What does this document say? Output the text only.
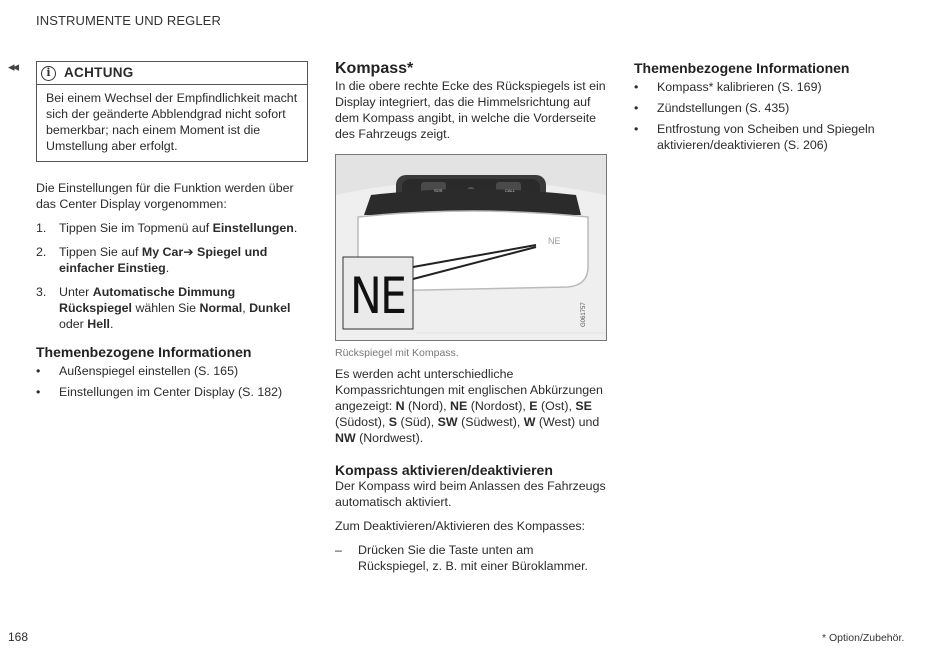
INSTRUMENTE UND REGLER
◂◂	i ACHTUNG
Bei einem Wechsel der Empfindlichkeit macht sich der geänderte Abblendgrad nicht sofort bemerkbar; nach einem Moment ist die Umstellung aber erfolgt.

Die Einstellungen für die Funktion werden über das Center Display vorgenommen:

1.	Tippen Sie im Topmenü auf Einstellungen.
2.	Tippen Sie auf My Car➔ Spiegel und einfacher Einstieg.
3.	Unter Automatische Dimmung Rückspiegel wählen Sie Normal, Dunkel oder Hell.
Themenbezogene Informationen
•	Außenspiegel einstellen (S. 165)
•	Einstellungen im Center Display (S. 182)
Kompass*

In die obere rechte Ecke des Rückspiegels ist ein Display integriert, das die Himmelsrichtung auf dem Kompass angibt, in welche die Vorderseite des Fahrzeugs zeigt.

NE
NE
SOS	CALL
G061757
Rückspiegel mit Kompass.

Es werden acht unterschiedliche Kompassrichtungen mit englischen Abkürzungen angezeigt: N (Nord), NE (Nordost), E (Ost), SE (Südost), S (Süd), SW (Südwest), W (West) und NW (Nordwest).

Kompass aktivieren/deaktivieren

Der Kompass wird beim Anlassen des Fahrzeugs automatisch aktiviert.

Zum Deaktivieren/Aktivieren des Kompasses:

–	Drücken Sie die Taste unten am Rückspiegel, z. B. mit einer Büroklammer.
Themenbezogene Informationen
•	Kompass* kalibrieren (S. 169)
•	Zündstellungen (S. 435)
•	Entfrostung von Scheiben und Spiegeln aktivieren/deaktivieren (S. 206)
168	* Option/Zubehör.
